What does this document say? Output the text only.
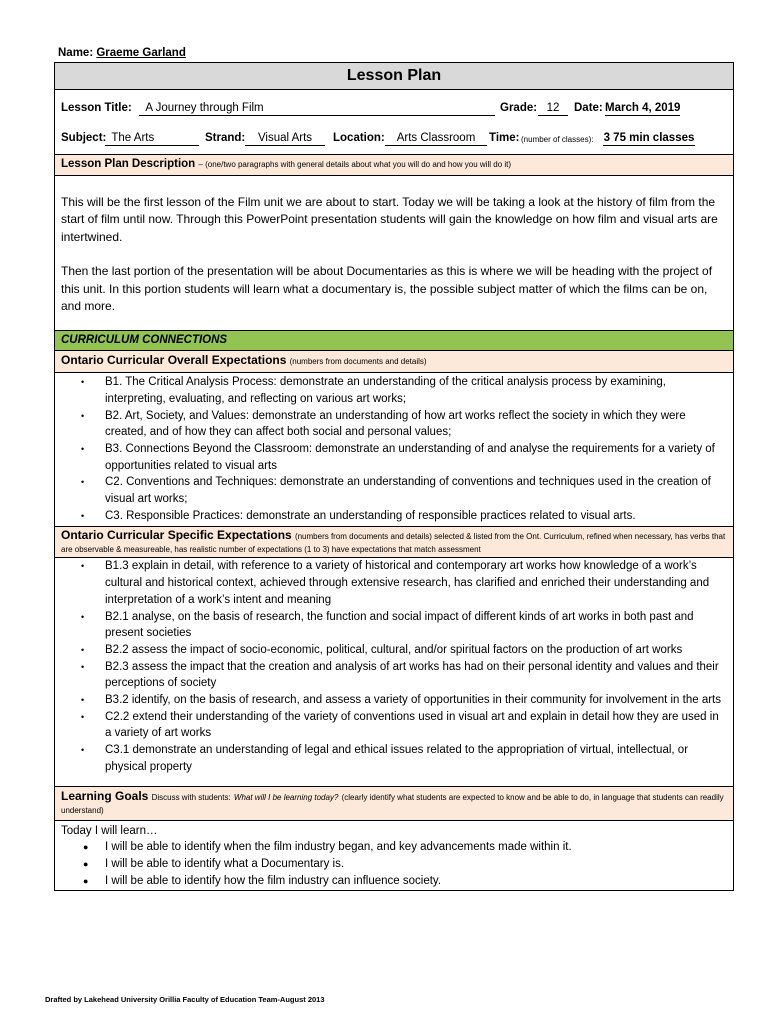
Name: Graeme Garland
Lesson Plan

Lesson Title:	A Journey through Film	Grade: 12	Date: March 4, 2019
Subject: The Arts	Strand:	Visual Arts	Location:	Arts Classroom	Time: (number of classes): 3 75 min classes

Lesson Plan Description – (one/two paragraphs with general details about what you will do and how you will do it)

This will be the first lesson of the Film unit we are about to start. Today we will be taking a look at the history of film from the start of film until now. Through this PowerPoint presentation students will gain the knowledge on how film and visual arts are intertwined.

Then the last portion of the presentation will be about Documentaries as this is where we will be heading with the project of this unit. In this portion students will learn what a documentary is, the possible subject matter of which the films can be on, and more.

CURRICULUM CONNECTIONS
Ontario Curricular Overall Expectations (numbers from documents and details)

• B1. The Critical Analysis Process: demonstrate an understanding of the critical analysis process by examining, interpreting, evaluating, and reflecting on various art works;
• B2. Art, Society, and Values: demonstrate an understanding of how art works reflect the society in which they were created, and of how they can affect both social and personal values;
• B3. Connections Beyond the Classroom: demonstrate an understanding of and analyse the requirements for a variety of opportunities related to visual arts
• C2. Conventions and Techniques: demonstrate an understanding of conventions and techniques used in the creation of visual art works;
• C3. Responsible Practices: demonstrate an understanding of responsible practices related to visual arts.

Ontario Curricular Specific Expectations (numbers from documents and details) selected & listed from the Ont. Curriculum, refined when necessary, has verbs that are observable & measureable, has realistic number of expectations (1 to 3) have expectations that match assessment

• B1.3 explain in detail, with reference to a variety of historical and contemporary art works how knowledge of a work’s cultural and historical context, achieved through extensive research, has clarified and enriched their understanding and interpretation of a work’s intent and meaning
• B2.1 analyse, on the basis of research, the function and social impact of different kinds of art works in both past and present societies
• B2.2 assess the impact of socio-economic, political, cultural, and/or spiritual factors on the production of art works
• B2.3 assess the impact that the creation and analysis of art works has had on their personal identity and values and their perceptions of society
• B3.2 identify, on the basis of research, and assess a variety of opportunities in their community for involvement in the arts
• C2.2 extend their understanding of the variety of conventions used in visual art and explain in detail how they are used in a variety of art works
• C3.1 demonstrate an understanding of legal and ethical issues related to the appropriation of virtual, intellectual, or physical property

Learning Goals Discuss with students: What will I be learning today? (clearly identify what students are expected to know and be able to do, in language that students can readily understand)

Today I will learn…
● I will be able to identify when the film industry began, and key advancements made within it.
● I will be able to identify what a Documentary is.
● I will be able to identify how the film industry can influence society.
Drafted by Lakehead University Orillia Faculty of Education Team-August 2013
